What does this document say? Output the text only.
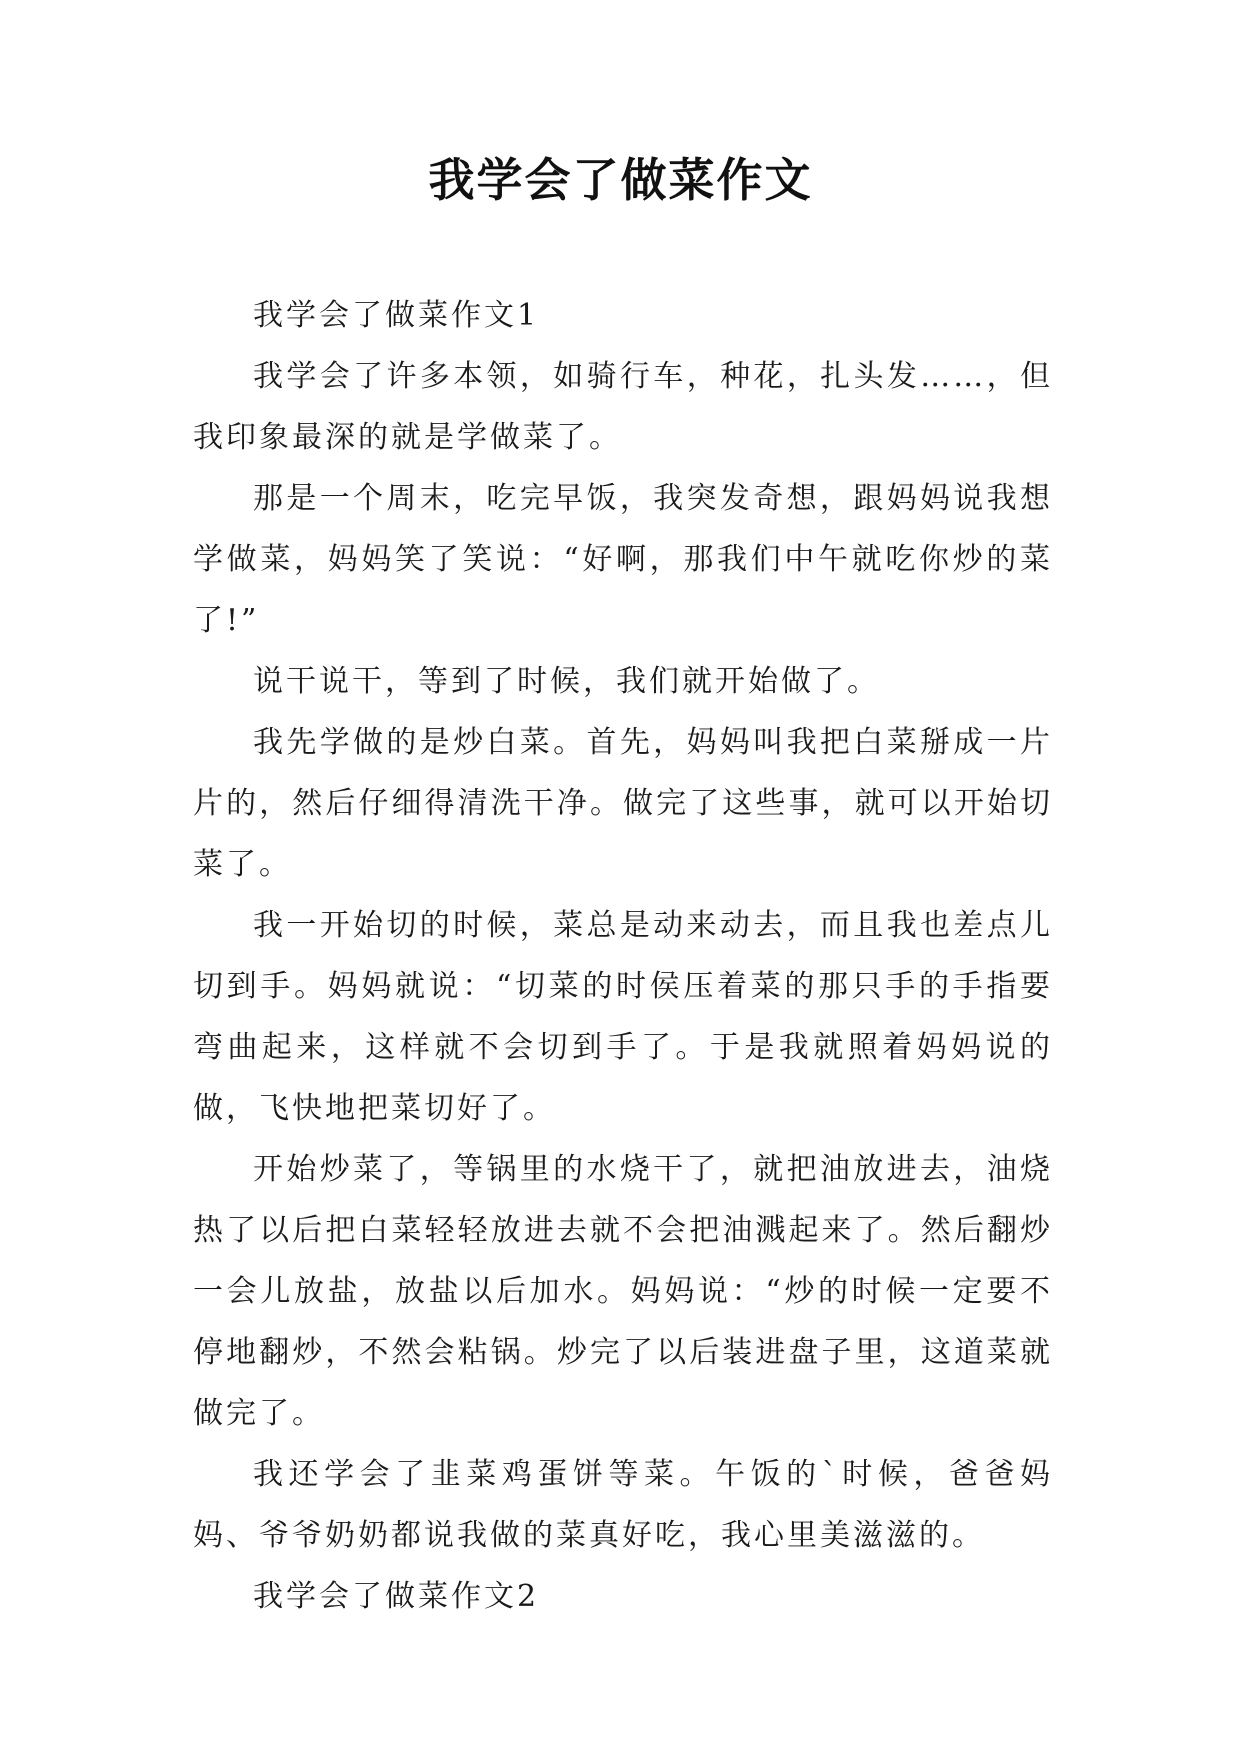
我学会了做菜作文

我学会了做菜作文1

我学会了许多本领，如骑行车，种花，扎头发……，但我印象最深的就是学做菜了。

那是一个周末，吃完早饭，我突发奇想，跟妈妈说我想学做菜，妈妈笑了笑说：“好啊，那我们中午就吃你炒的菜了!”

说干说干，等到了时候，我们就开始做了。

我先学做的是炒白菜。首先，妈妈叫我把白菜掰成一片片的，然后仔细得清洗干净。做完了这些事，就可以开始切菜了。

我一开始切的时候，菜总是动来动去，而且我也差点儿切到手。妈妈就说：“切菜的时侯压着菜的那只手的手指要弯曲起来，这样就不会切到手了。于是我就照着妈妈说的做，飞快地把菜切好了。

开始炒菜了，等锅里的水烧干了，就把油放进去，油烧热了以后把白菜轻轻放进去就不会把油溅起来了。然后翻炒一会儿放盐，放盐以后加水。妈妈说：“炒的时候一定要不停地翻炒，不然会粘锅。炒完了以后装进盘子里，这道菜就做完了。

我还学会了韭菜鸡蛋饼等菜。午饭的`时候，爸爸妈妈、爷爷奶奶都说我做的菜真好吃，我心里美滋滋的。

我学会了做菜作文2
